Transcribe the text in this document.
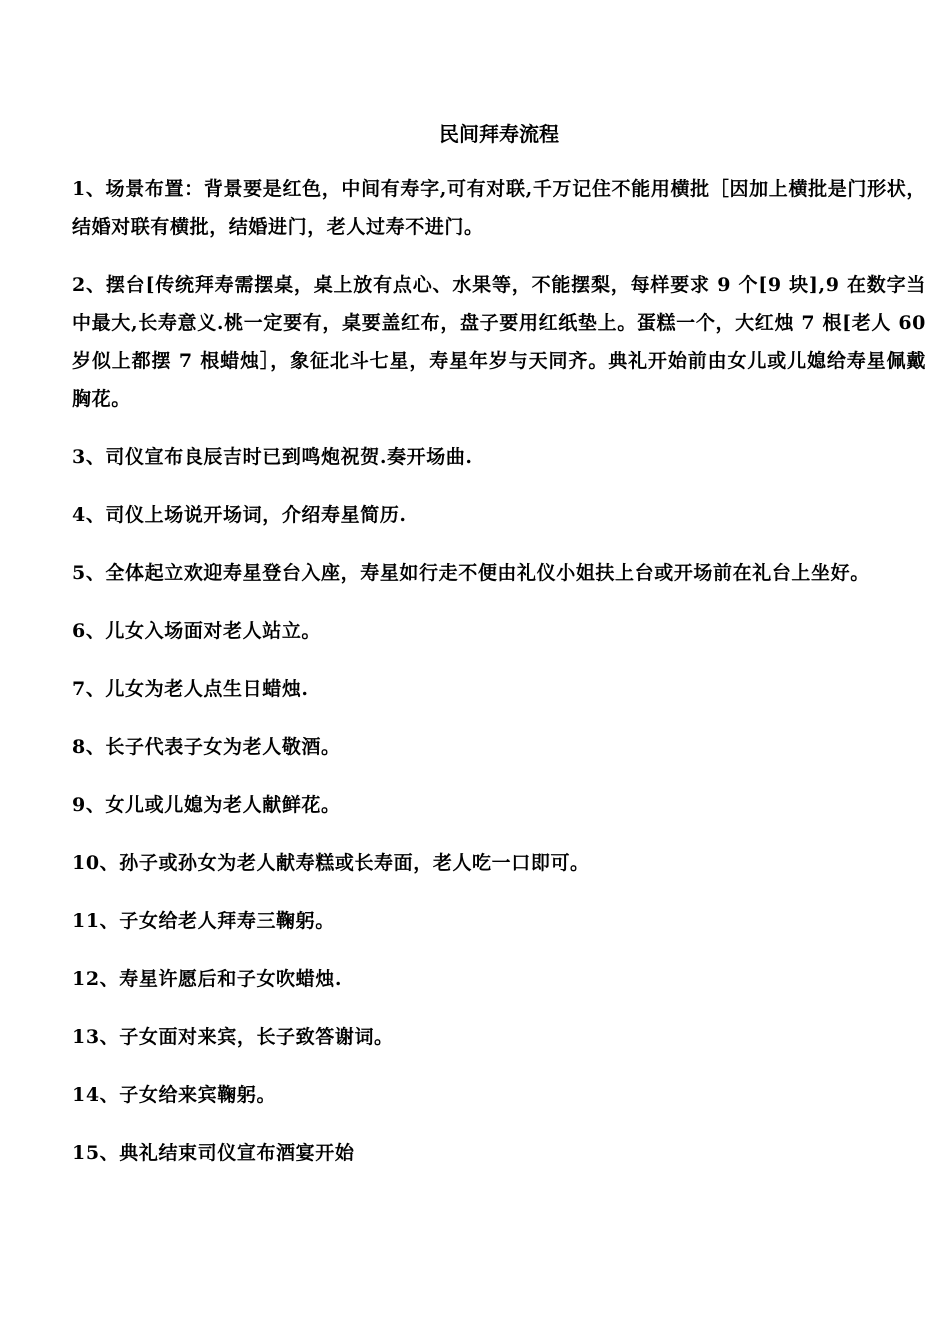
民间拜寿流程
1、场景布置：背景要是红色，中间有寿字,可有对联,千万记住不能用横批［因加上横批是门形状，结婚对联有横批，结婚进门，老人过寿不进门。
2、摆台[传统拜寿需摆桌，桌上放有点心、水果等，不能摆梨，每样要求 9 个[9 块],9 在数字当中最大,长寿意义.桃一定要有，桌要盖红布，盘子要用红纸垫上。蛋糕一个，大红烛 7 根[老人 60 岁似上都摆 7 根蜡烛］，象征北斗七星，寿星年岁与天同齐。典礼开始前由女儿或儿媳给寿星佩戴胸花。
3、司仪宣布良辰吉时已到鸣炮祝贺.奏开场曲.
4、司仪上场说开场词，介绍寿星简历.
5、全体起立欢迎寿星登台入座，寿星如行走不便由礼仪小姐扶上台或开场前在礼台上坐好。
6、儿女入场面对老人站立。
7、儿女为老人点生日蜡烛.
8、长子代表子女为老人敬酒。
9、女儿或儿媳为老人献鲜花。
10、孙子或孙女为老人献寿糕或长寿面，老人吃一口即可。
11、子女给老人拜寿三鞠躬。
12、寿星许愿后和子女吹蜡烛.
13、子女面对来宾，长子致答谢词。
14、子女给来宾鞠躬。
15、典礼结束司仪宣布酒宴开始
